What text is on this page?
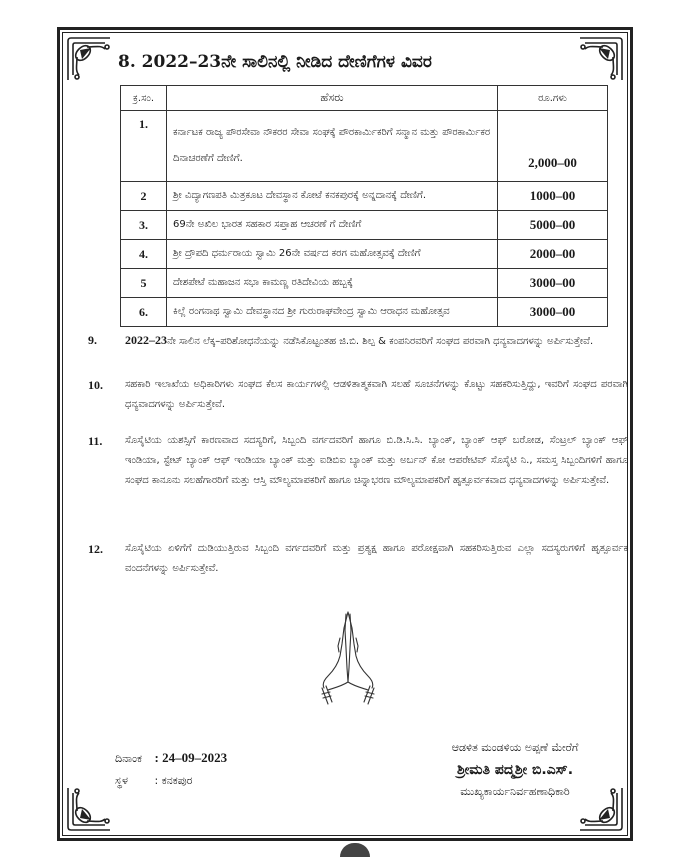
8. 2022–23ನೇ ಸಾಲಿನಲ್ಲಿ ನೀಡಿದ ದೇಣಿಗೆಗಳ ವಿವರ
ಕ್ರ.ಸಂ.	ಹೆಸರು	ರೂ.ಗಳು
1.	ಕರ್ನಾಟಕ ರಾಜ್ಯ ಪೌರಸೇವಾ ನೌಕರರ ಸೇವಾ ಸಂಘಕ್ಕೆ ಪೌರಕಾರ್ಮಿಕರಿಗೆ ಸನ್ಮಾನ ಮತ್ತು ಪೌರಕಾರ್ಮಿಕರ ದಿನಾಚರಣೆಗೆ ದೇಣಿಗೆ.	2,000–00
2	ಶ್ರೀ ವಿದ್ಯಾಗಣಪತಿ ಮಿತ್ರಕೂಟ ದೇವಸ್ಥಾನ ಕೋಟೆ ಕನಕಪುರಕ್ಕೆ ಅನ್ನದಾನಕ್ಕೆ ದೇಣಿಗೆ.	1000–00
3.	69ನೇ ಅಖಿಲ ಭಾರತ ಸಹಕಾರ ಸಪ್ತಾಹ ಆಚರಣೆ ಗೆ ದೇಣಿಗೆ	5000–00
4.	ಶ್ರೀ ದ್ರೌಪದಿ ಧರ್ಮರಾಯ ಸ್ವಾಮಿ 26ನೇ ವರ್ಷದ ಕರಗ ಮಹೋತ್ಸವಕ್ಕೆ ದೇಣಿಗೆ	2000–00
5	ದೇಶಪೇಟೆ ಮಹಾಜನ ಸಭಾ ಕಾಮಣ್ಣ ರತಿದೇವಿಯ ಹಬ್ಬಕ್ಕೆ	3000–00
6.	ಕಿಲ್ಲೆ ರಂಗನಾಥ ಸ್ವಾಮಿ ದೇವಸ್ಥಾನದ ಶ್ರೀ ಗುರುರಾಘವೇಂದ್ರ ಸ್ವಾಮಿ ಆರಾಧನ ಮಹೋತ್ಸವ	3000–00
9. 2022–23ನೇ ಸಾಲಿನ ಲೆಕ್ಕ–ಪರಿಶೋಧನೆಯನ್ನು ನಡೆಸಿಕೊಟ್ಟಂತಹ ಜಿ.ಬಿ. ಶಿಲ್ಪ & ಕಂಪನಿರವರಿಗೆ ಸಂಘದ ಪರವಾಗಿ ಧನ್ಯವಾದಗಳನ್ನು ಅರ್ಪಿಸುತ್ತೇವೆ.
10. ಸಹಕಾರಿ ಇಲಾಖೆಯ ಅಧಿಕಾರಿಗಳು ಸಂಘದ ಕೆಲಸ ಕಾರ್ಯಗಳಲ್ಲಿ ಆಡಳಿತಾತ್ಮಕವಾಗಿ ಸಲಹೆ ಸೂಚನೆಗಳನ್ನು ಕೊಟ್ಟು ಸಹಕರಿಸುತ್ತಿದ್ದು, ಇವರಿಗೆ ಸಂಘದ ಪರವಾಗಿ ಧನ್ಯವಾದಗಳನ್ನು ಅರ್ಪಿಸುತ್ತೇವೆ.
11. ಸೊಸೈಟಿಯ ಯಶಸ್ಸಿಗೆ ಕಾರಣವಾದ ಸದಸ್ಯರಿಗೆ, ಸಿಬ್ಬಂದಿ ವರ್ಗದವರಿಗೆ ಹಾಗೂ ಬಿ.ಡಿ.ಸಿ.ಸಿ. ಬ್ಯಾಂಕ್, ಬ್ಯಾಂಕ್ ಆಫ್ ಬರೋಡ, ಸೆಂಟ್ರಲ್ ಬ್ಯಾಂಕ್ ಆಫ್ ಇಂಡಿಯಾ, ಸ್ಟೇಟ್ ಬ್ಯಾಂಕ್ ಆಫ್ ಇಂಡಿಯಾ ಬ್ಯಾಂಕ್ ಮತ್ತು ಐಡಿಬಿಐ ಬ್ಯಾಂಕ್ ಮತ್ತು ಅರ್ಬನ್ ಕೋ ಆಪರೇಟಿವ್ ಸೊಸೈಟಿ ನಿ., ಸಮಸ್ತ ಸಿಬ್ಬಂದಿಗಳಿಗೆ ಹಾಗೂ ಸಂಘದ ಕಾನೂನು ಸಲಹೆಗಾರರಿಗೆ ಮತ್ತು ಆಸ್ತಿ ಮೌಲ್ಯಮಾಪಕರಿಗೆ ಹಾಗೂ ಚಿನ್ನಾಭರಣ ಮೌಲ್ಯಮಾಪಕರಿಗೆ ಹೃತ್ಪೂರ್ವಕವಾದ ಧನ್ಯವಾದಗಳನ್ನು ಅರ್ಪಿಸುತ್ತೇವೆ.
12. ಸೊಸೈಟಿಯ ಏಳಿಗೆಗೆ ದುಡಿಯುತ್ತಿರುವ ಸಿಬ್ಬಂದಿ ವರ್ಗದವರಿಗೆ ಮತ್ತು ಪ್ರತ್ಯಕ್ಷ ಹಾಗೂ ಪರೋಕ್ಷವಾಗಿ ಸಹಕರಿಸುತ್ತಿರುವ ಎಲ್ಲಾ ಸದಸ್ಯರುಗಳಿಗೆ ಹೃತ್ಪೂರ್ವಕ ವಂದನೆಗಳನ್ನು ಅರ್ಪಿಸುತ್ತೇವೆ.
ದಿನಾಂಕ : 24–09–2023
ಸ್ಥಳ : ಕನಕಪುರ
ಆಡಳಿತ ಮಂಡಳಿಯ ಅಪ್ಪಣೆ ಮೇರೆಗೆ
ಶ್ರೀಮತಿ ಪದ್ಮಶ್ರೀ ಬಿ.ಎಸ್.
ಮುಖ್ಯಕಾರ್ಯನಿರ್ವಹಣಾಧಿಕಾರಿ
